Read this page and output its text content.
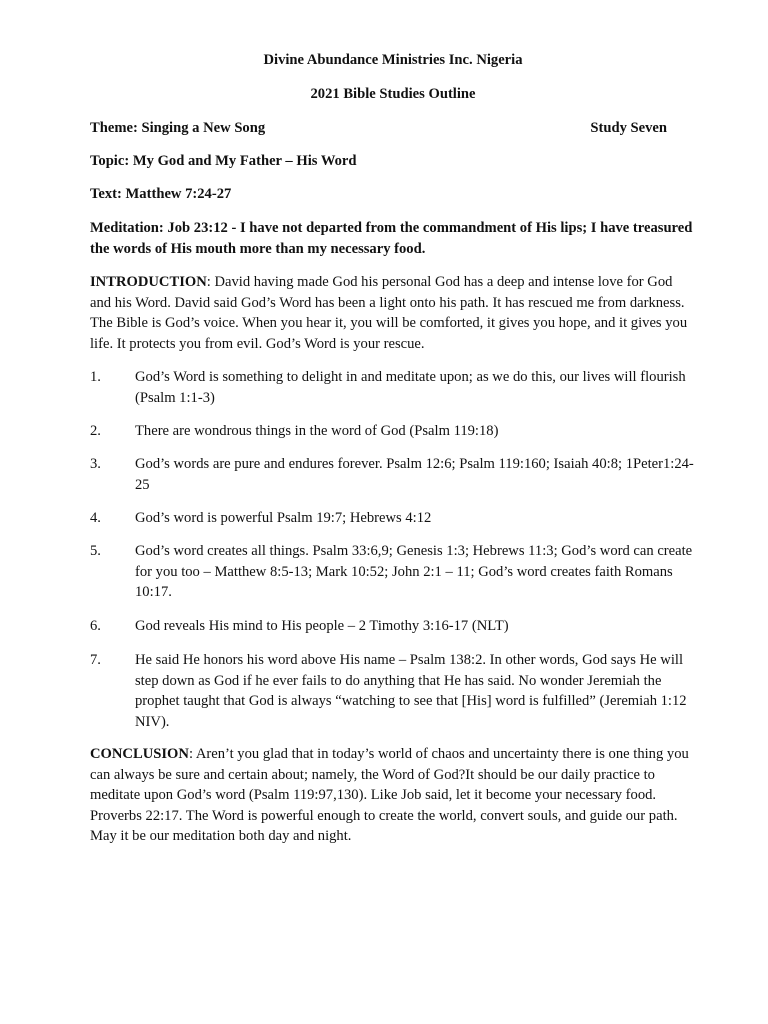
Divine Abundance Ministries Inc. Nigeria
2021 Bible Studies Outline
Theme: Singing a New Song	Study Seven
Topic: My God and My Father – His Word
Text: Matthew 7:24-27
Meditation: Job 23:12 - I have not departed from the commandment of His lips; I have treasured the words of His mouth more than my necessary food.
INTRODUCTION: David having made God his personal God has a deep and intense love for God and his Word. David said God’s Word has been a light onto his path. It has rescued me from darkness. The Bible is God’s voice. When you hear it, you will be comforted, it gives you hope, and it gives you life. It protects you from evil. God’s Word is your rescue.
1.	God’s Word is something to delight in and meditate upon; as we do this, our lives will flourish (Psalm 1:1-3)
2.	There are wondrous things in the word of God (Psalm 119:18)
3.	God’s words are pure and endures forever. Psalm 12:6; Psalm 119:160; Isaiah 40:8; 1Peter1:24-25
4.	God’s word is powerful Psalm 19:7; Hebrews 4:12
5.	God’s word creates all things. Psalm 33:6,9; Genesis 1:3; Hebrews 11:3; God’s word can create for you too – Matthew 8:5-13; Mark 10:52; John 2:1 – 11; God’s word creates faith Romans 10:17.
6.	God reveals His mind to His people – 2 Timothy 3:16-17 (NLT)
7.	He said He honors his word above His name – Psalm 138:2. In other words, God says He will step down as God if he ever fails to do anything that He has said. No wonder Jeremiah the prophet taught that God is always “watching to see that [His] word is fulfilled” (Jeremiah 1:12 NIV).
CONCLUSION: Aren’t you glad that in today’s world of chaos and uncertainty there is one thing you can always be sure and certain about; namely, the Word of God?It should be our daily practice to meditate upon God’s word (Psalm 119:97,130). Like Job said, let it become your necessary food. Proverbs 22:17. The Word is powerful enough to create the world, convert souls, and guide our path. May it be our meditation both day and night.
